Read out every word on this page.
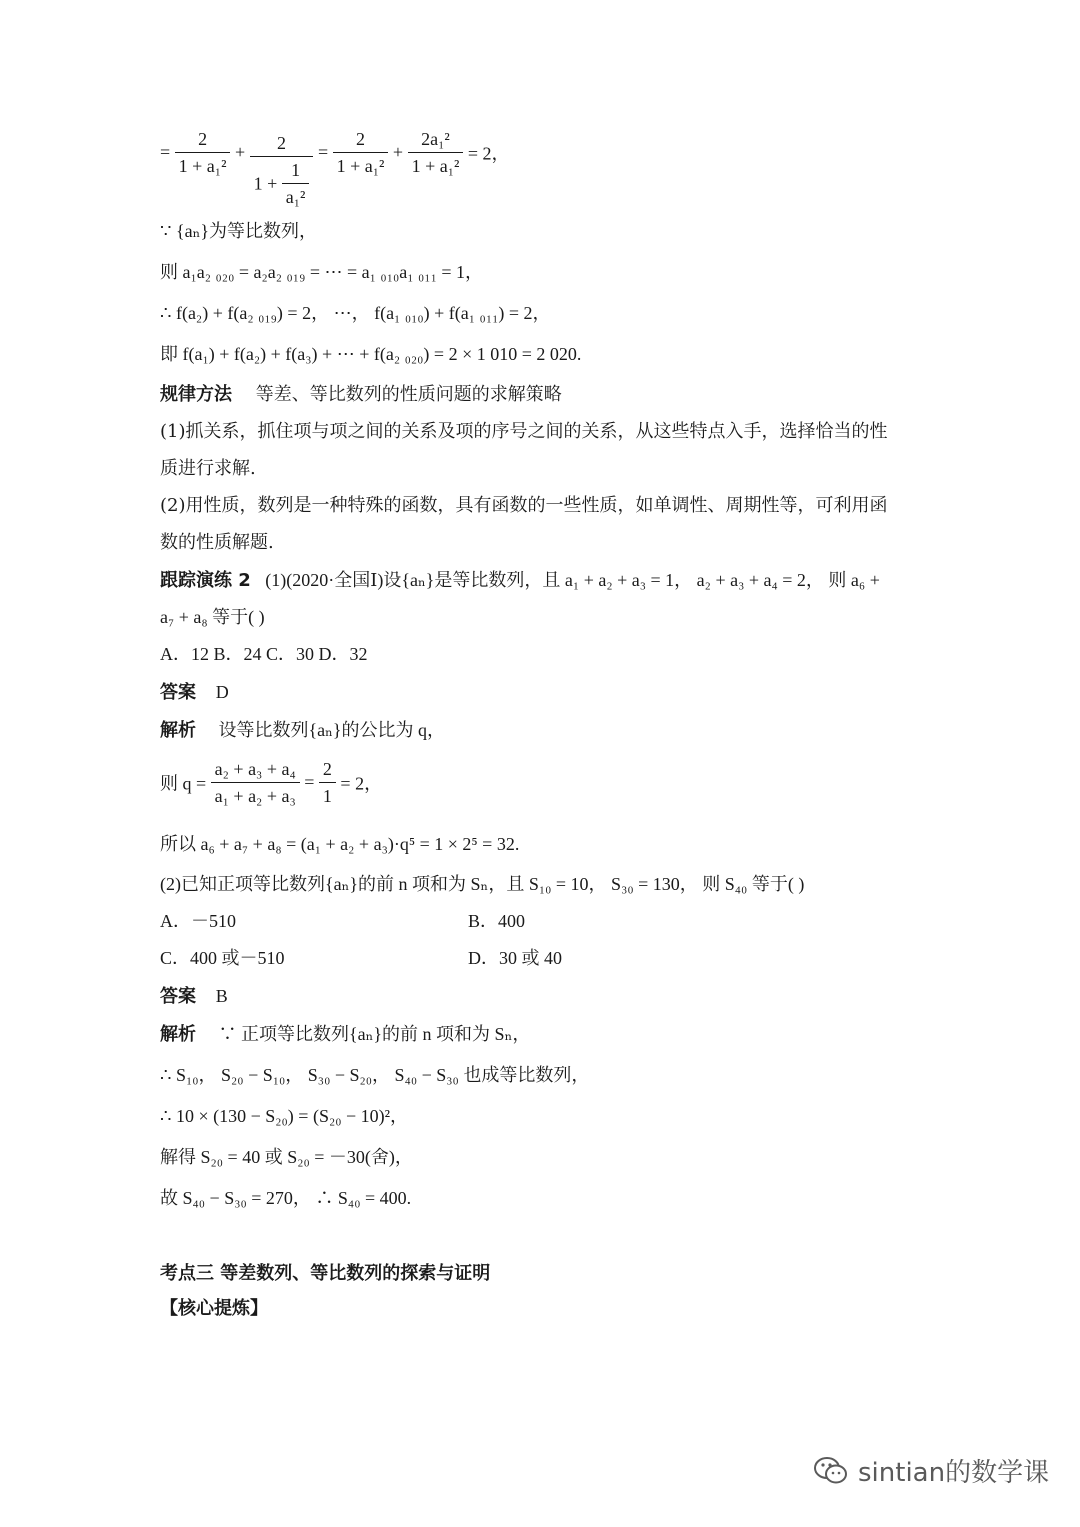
= $\frac{2}{\text{1 + a₁²}} + \frac{2}{1 + \frac{1}{\text{a₁²}}} = \frac{2}{\text{1 + a₁²}} + \frac{\text{2a₁²}}{\text{1 + a₁²}} = 2$，
∵ {aₙ}为等比数列，
则 a₁a₂ ₀₂₀ = a₂a₂ ₀₁₉ = ⋯ = a₁ ₀₁₀a₁ ₀₁₁ = 1，
∴ f(a₂) + f(a₂ ₀₁₉) = 2， ⋯， f(a₁ ₀₁₀) + f(a₁ ₀₁₁) = 2，
即 f(a₁) + f(a₂) + f(a₃) + ⋯ + f(a₂ ₀₂₀) = 2 × 1 010 = 2 020.
规律方法 等差、等比数列的性质问题的求解策略
(1)抓关系，抓住项与项之间的关系及项的序号之间的关系，从这些特点入手，选择恰当的性
质进行求解.
(2)用性质，数列是一种特殊的函数，具有函数的一些性质，如单调性、周期性等，可利用函
数的性质解题.
跟踪演练 2 (1)(2020·全国Ⅰ)设{aₙ}是等比数列，且 a₁ + a₂ + a₃ = 1， a₂ + a₃ + a₄ = 2， 则 a₆ +
a₇ + a₈ 等于( )
A．12 B．24 C．30 D．32
答案 D
解析 设等比数列{aₙ}的公比为 q，
则 $q = \frac{\text{a₂ + a₃ + a₄}}{\text{a₁ + a₂ + a₃}} = \frac{2}{1} = 2$，
所以 a₆ + a₇ + a₈ = (a₁ + a₂ + a₃)·q⁵ = 1 × 2⁵ = 32.
(2)已知正项等比数列{aₙ}的前 n 项和为 Sₙ，且 S₁₀ = 10， S₃₀ = 130， 则 S₄₀ 等于( )
A．－510	B．400
C．400 或－510	D．30 或 40
答案 B
解析 ∵ 正项等比数列{aₙ}的前 n 项和为 Sₙ，
∴ S₁₀， S₂₀ − S₁₀， S₃₀ − S₂₀， S₄₀ − S₃₀ 也成等比数列，
∴ 10 × (130 − S₂₀) = (S₂₀ − 10)²，
解得 S₂₀ = 40 或 S₂₀ = －30(舍)，
故 S₄₀ − S₃₀ = 270， ∴ S₄₀ = 400.
考点三 等差数列、等比数列的探索与证明
【核心提炼】
sintian的数学课
